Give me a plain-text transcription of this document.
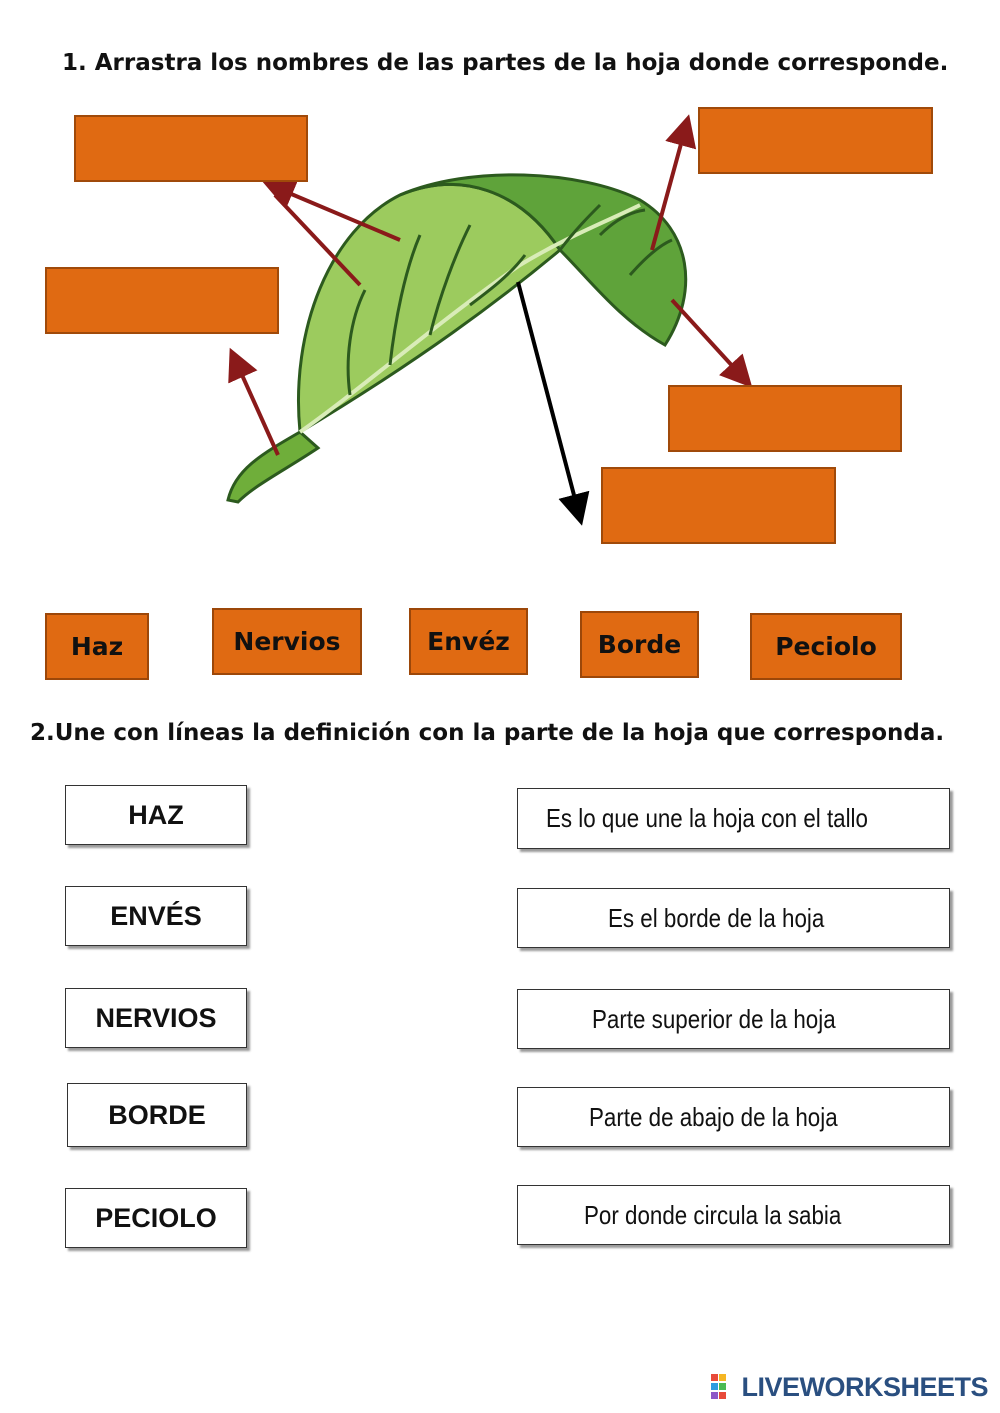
1. Arrastra los nombres de las partes de la hoja donde corresponde.
Haz	Nervios	Envéz	Borde	Peciolo
2.Une con líneas la definición con la parte de la hoja que corresponda.
HAZ
ENVÉS
NERVIOS
BORDE
PECIOLO
Es lo que une la hoja con el tallo
Es el borde de la hoja
Parte superior de la hoja
Parte de abajo de la hoja
Por donde circula la sabia
LIVEWORKSHEETS
